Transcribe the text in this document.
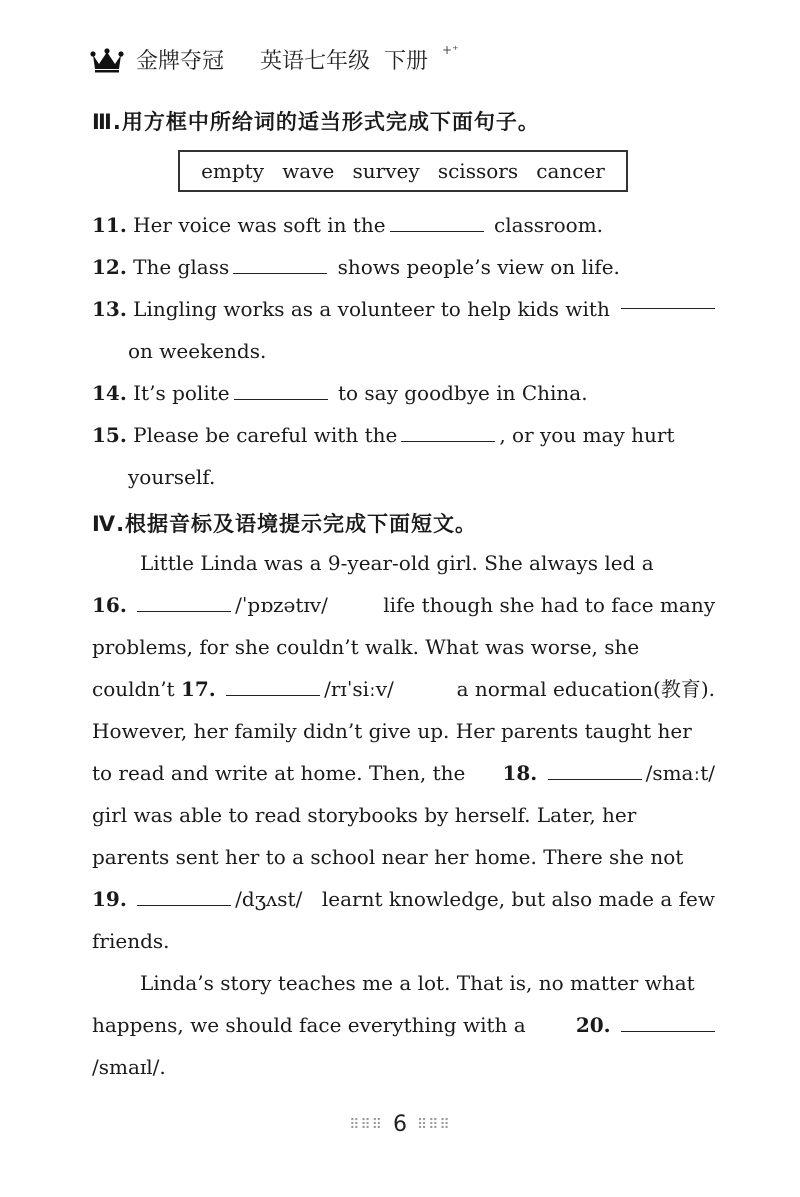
金牌夺冠 英语七年级  下册 +⁺
Ⅲ.用方框中所给词的适当形式完成下面句子。
empty wave survey scissors cancer
11. Her voice was soft in the	classroom.
12. The glass	shows people’s view on life.
13. Lingling works as a volunteer to help kids with
on weekends.
14. It’s polite	to say goodbye in China.
15. Please be careful with the	, or you may hurt
yourself.
Ⅳ.根据音标及语境提示完成下面短文。
Little Linda was a 9-year-old girl. She always led a
16.	/ˈpɒzətɪv/	life though she had to face many
problems, for she couldn’t walk. What was worse, she
couldn’t 17.	/rɪˈsiːv/	a normal education(教育).
However, her family didn’t give up. Her parents taught her
to read and write at home. Then, the 18.	/smaːt/
girl was able to read storybooks by herself. Later, her
parents sent her to a school near her home. There she not
19.	/dʒʌst/ learnt knowledge, but also made a few
friends.
Linda’s story teaches me a lot. That is, no matter what
happens, we should face everything with a	20.
/smaɪl/.
⠿⠿⠿ 6 ⠿⠿⠿
